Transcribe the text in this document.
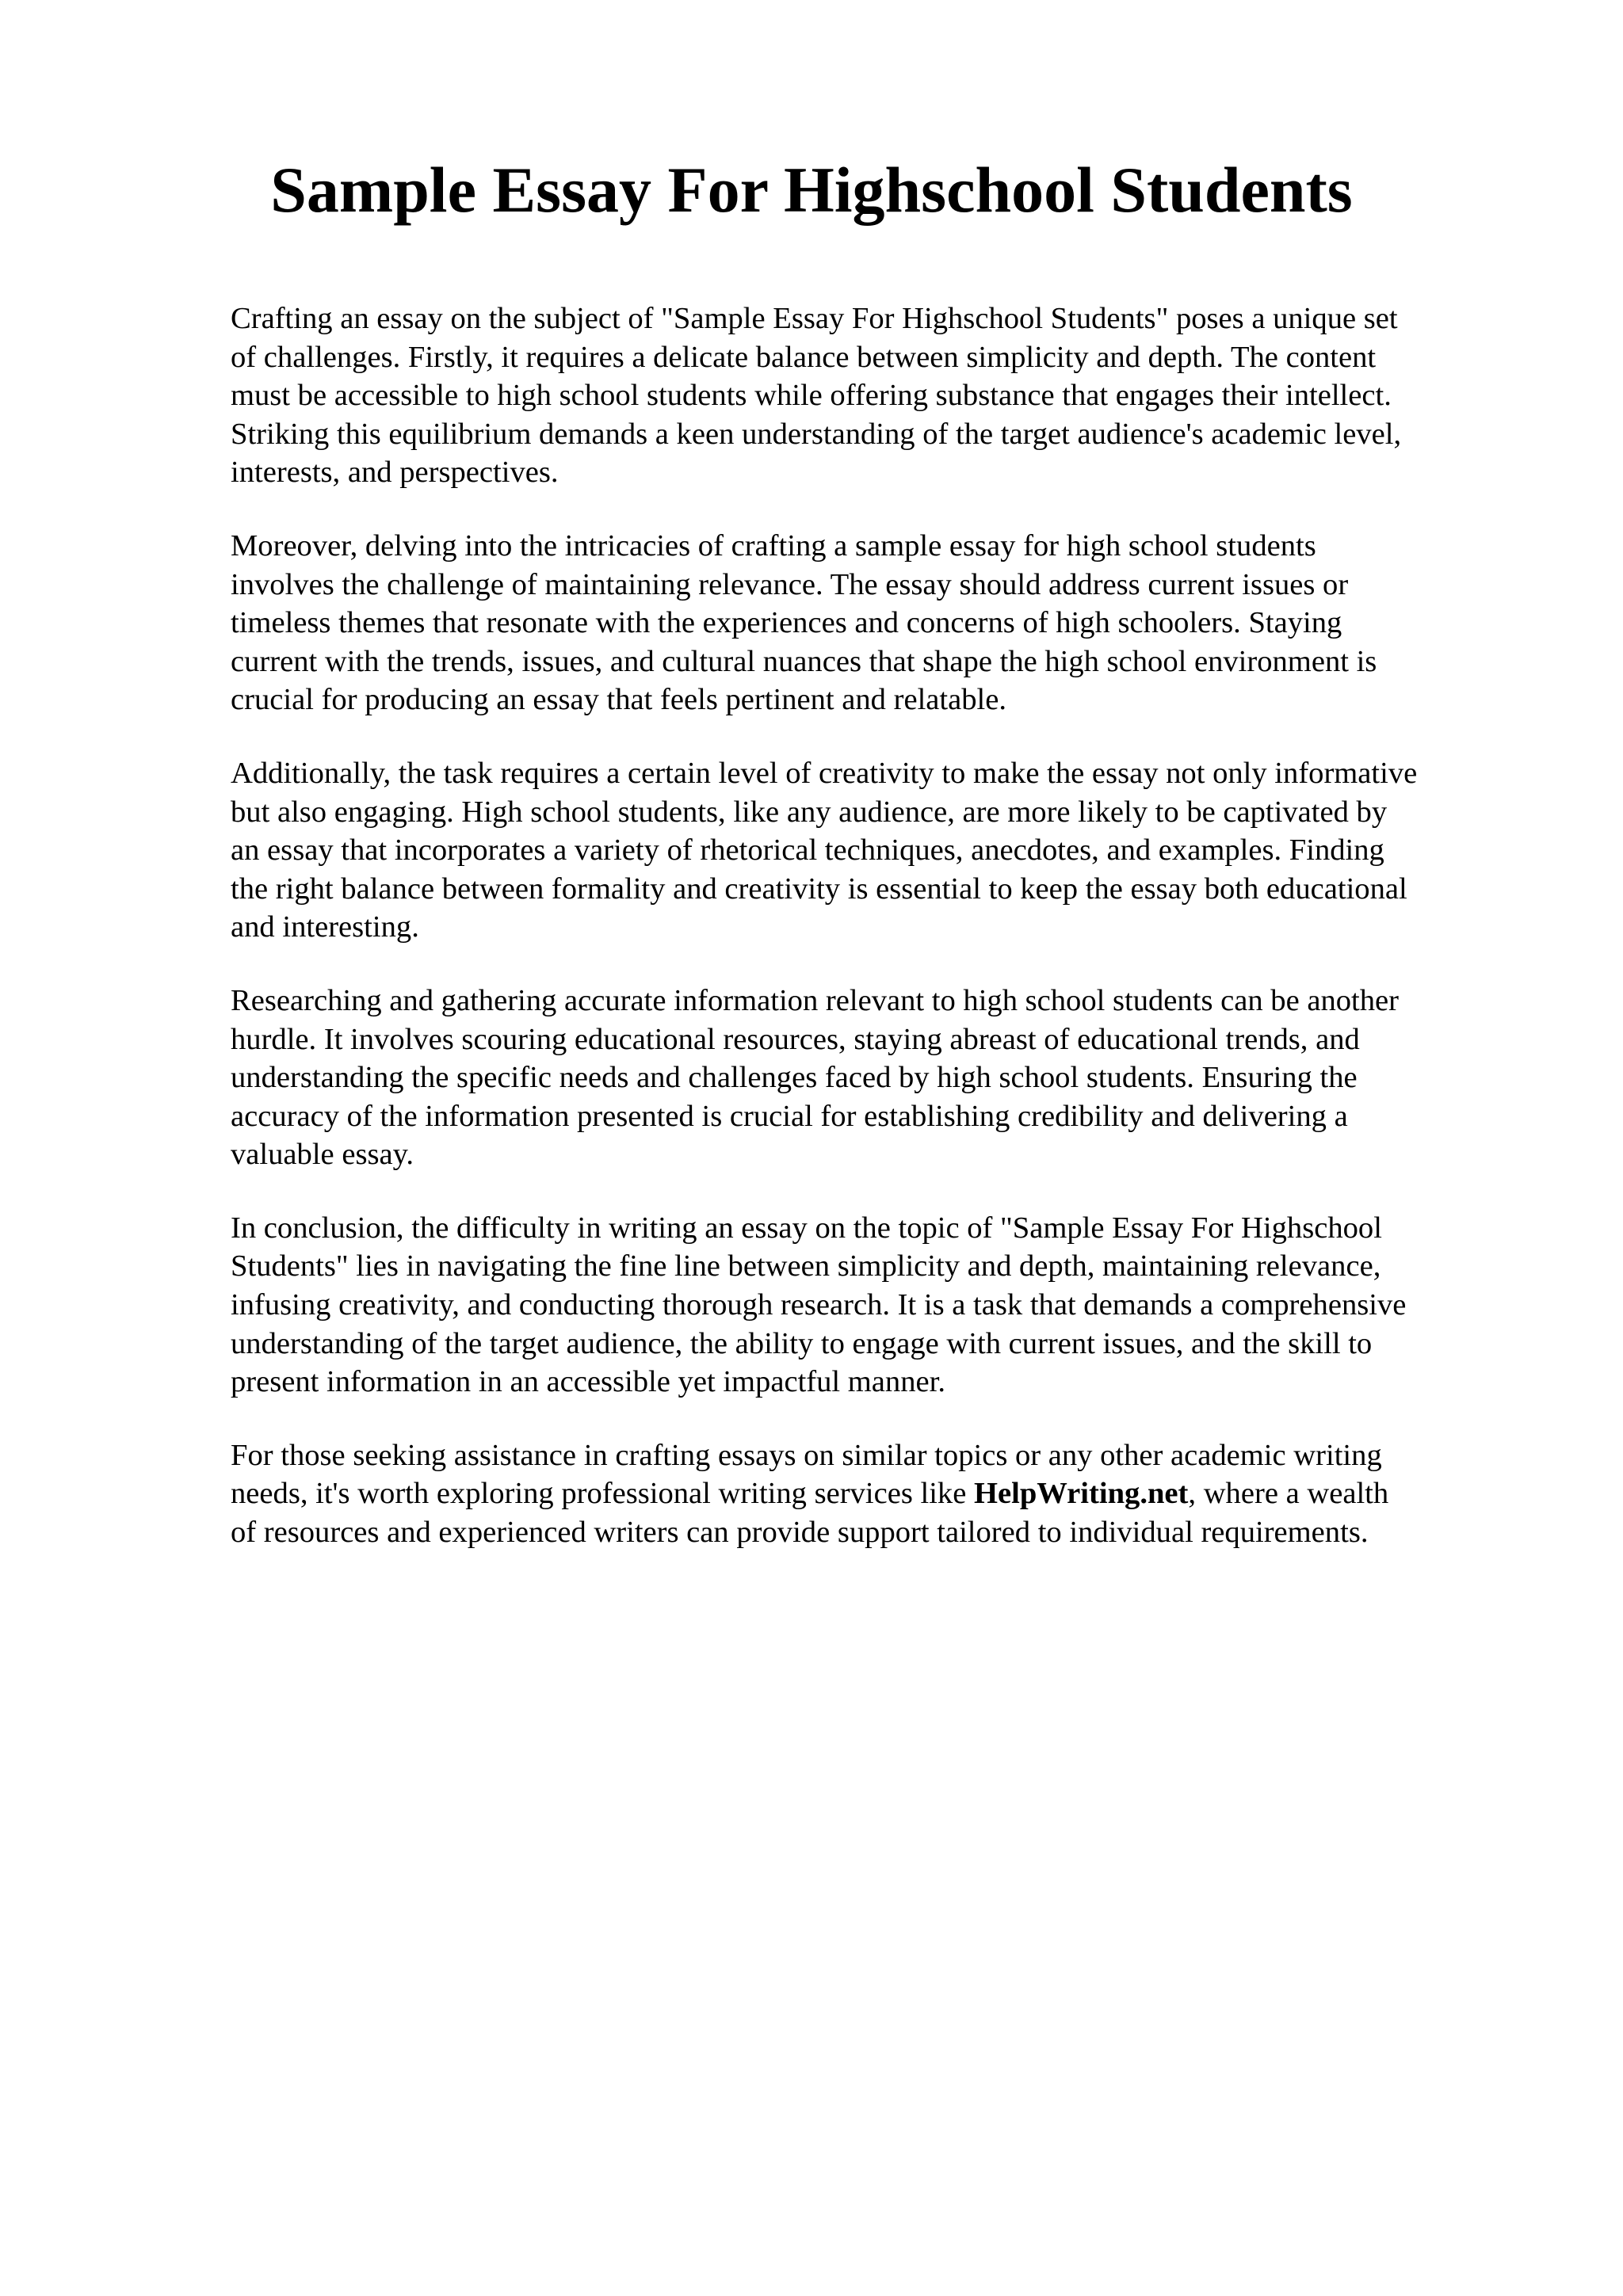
Sample Essay For Highschool Students

Crafting an essay on the subject of "Sample Essay For Highschool Students" poses a unique set
of challenges. Firstly, it requires a delicate balance between simplicity and depth. The content
must be accessible to high school students while offering substance that engages their intellect.
Striking this equilibrium demands a keen understanding of the target audience's academic level,
interests, and perspectives.

Moreover, delving into the intricacies of crafting a sample essay for high school students
involves the challenge of maintaining relevance. The essay should address current issues or
timeless themes that resonate with the experiences and concerns of high schoolers. Staying
current with the trends, issues, and cultural nuances that shape the high school environment is
crucial for producing an essay that feels pertinent and relatable.

Additionally, the task requires a certain level of creativity to make the essay not only informative
but also engaging. High school students, like any audience, are more likely to be captivated by
an essay that incorporates a variety of rhetorical techniques, anecdotes, and examples. Finding
the right balance between formality and creativity is essential to keep the essay both educational
and interesting.

Researching and gathering accurate information relevant to high school students can be another
hurdle. It involves scouring educational resources, staying abreast of educational trends, and
understanding the specific needs and challenges faced by high school students. Ensuring the
accuracy of the information presented is crucial for establishing credibility and delivering a
valuable essay.

In conclusion, the difficulty in writing an essay on the topic of "Sample Essay For Highschool
Students" lies in navigating the fine line between simplicity and depth, maintaining relevance,
infusing creativity, and conducting thorough research. It is a task that demands a comprehensive
understanding of the target audience, the ability to engage with current issues, and the skill to
present information in an accessible yet impactful manner.

For those seeking assistance in crafting essays on similar topics or any other academic writing
needs, it's worth exploring professional writing services like HelpWriting.net, where a wealth
of resources and experienced writers can provide support tailored to individual requirements.
